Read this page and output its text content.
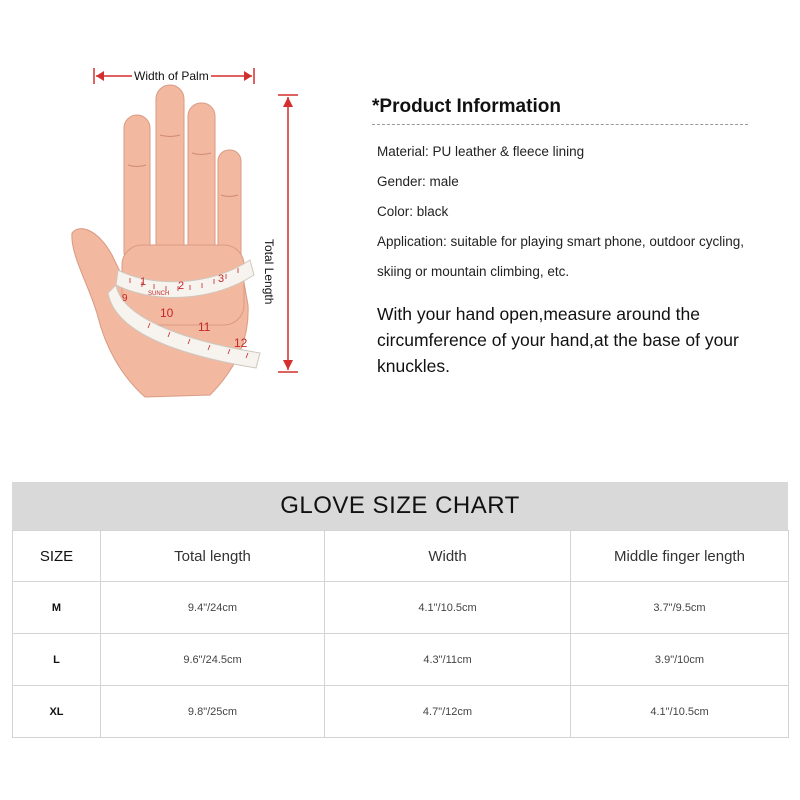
1	2
3
9
10
11
12
SUNCH
Width of Palm
Total Length
*Product Information
Material: PU leather & fleece lining
Gender: male
Color: black
Application: suitable for playing smart phone, outdoor cycling,
skiing or mountain climbing, etc.
With your hand open,measure around the circumference of your hand,at the base of your knuckles.
GLOVE SIZE CHART
SIZE	Total length	Width	Middle finger length
M	9.4"/24cm	4.1"/10.5cm	3.7"/9.5cm
L	9.6"/24.5cm	4.3"/11cm	3.9"/10cm
XL	9.8"/25cm	4.7"/12cm	4.1"/10.5cm
